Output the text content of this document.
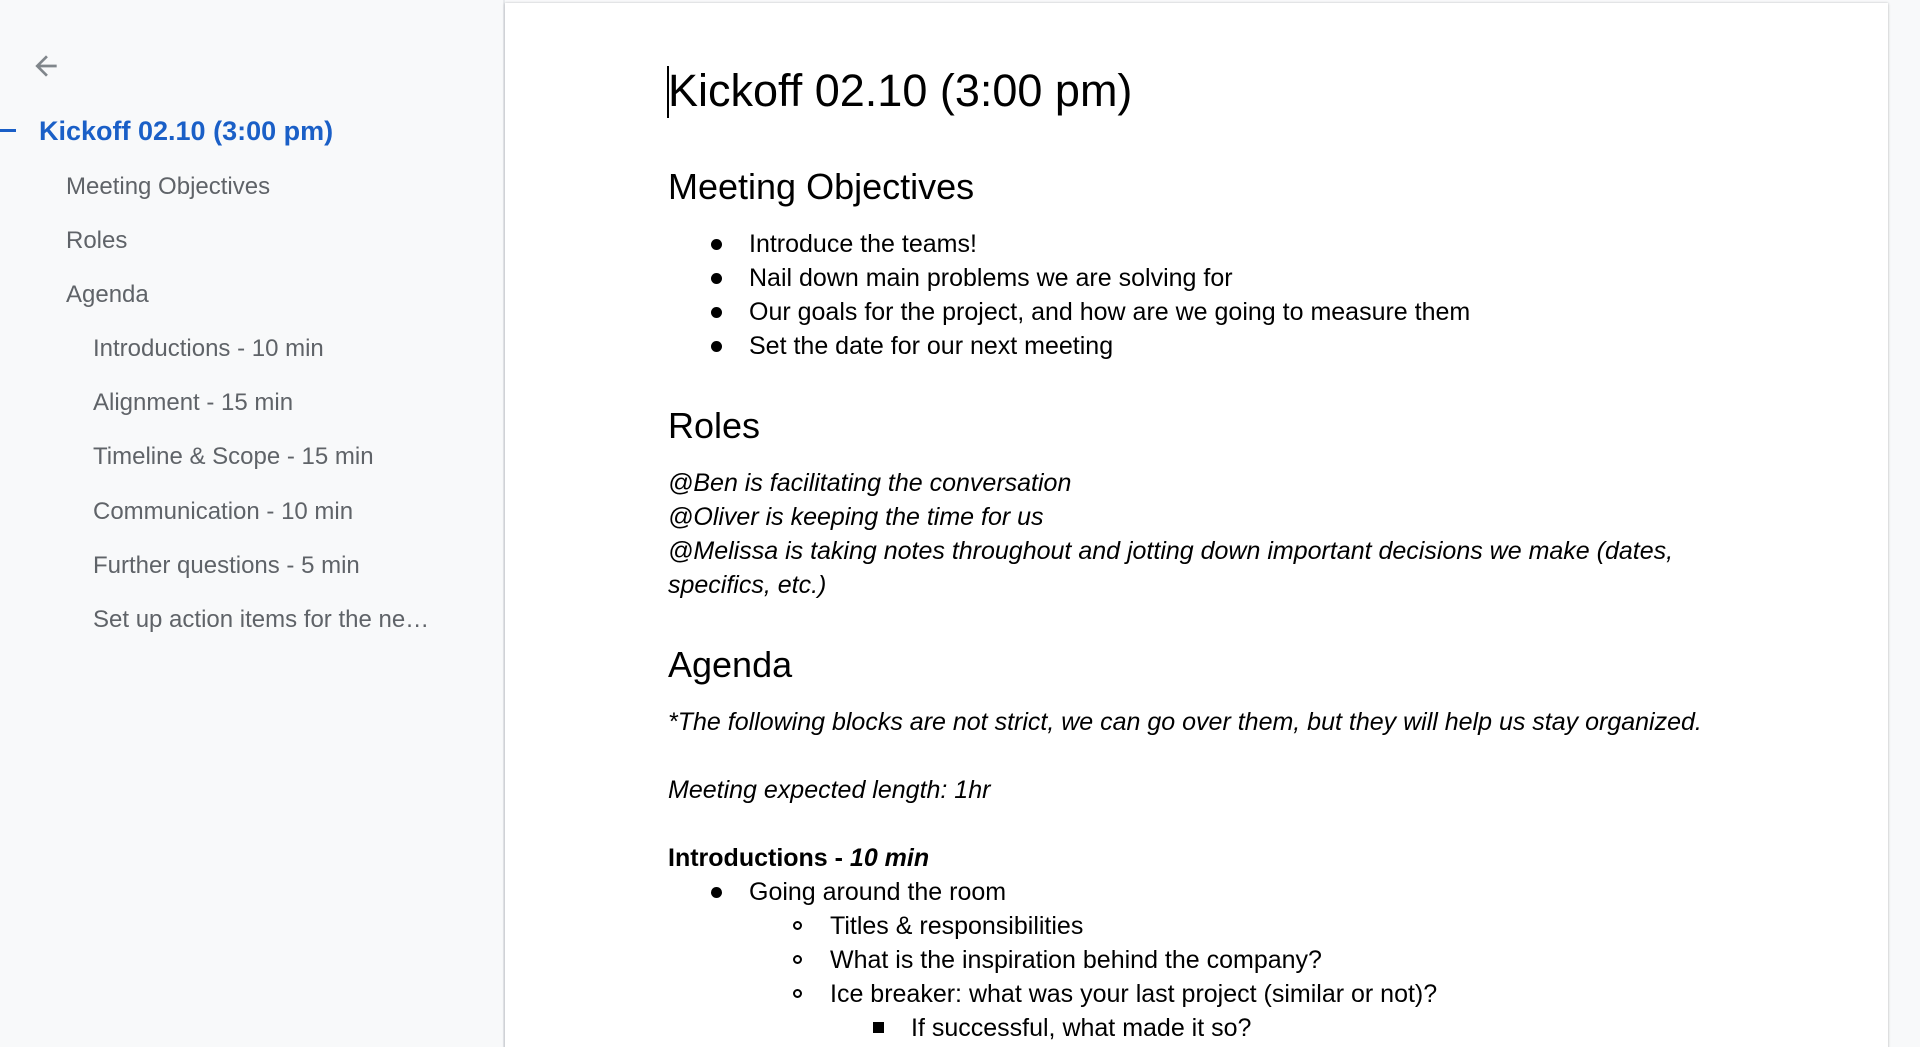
Kickoff 02.10 (3:00 pm)
Meeting Objectives
Roles
Agenda
Introductions - 10 min
Alignment - 15 min
Timeline & Scope - 15 min
Communication - 10 min
Further questions - 5 min
Set up action items for the ne…
Kickoff 02.10 (3:00 pm)
Meeting Objectives
Introduce the teams!
Nail down main problems we are solving for
Our goals for the project, and how are we going to measure them
Set the date for our next meeting
Roles
@Ben is facilitating the conversation
@Oliver is keeping the time for us
@Melissa is taking notes throughout and jotting down important decisions we make (dates,
specifics, etc.)
Agenda
*The following blocks are not strict, we can go over them, but they will help us stay organized.
Meeting expected length: 1hr
Introductions - 10 min
Going around the room
Titles & responsibilities
What is the inspiration behind the company?
Ice breaker: what was your last project (similar or not)?
If successful, what made it so?
